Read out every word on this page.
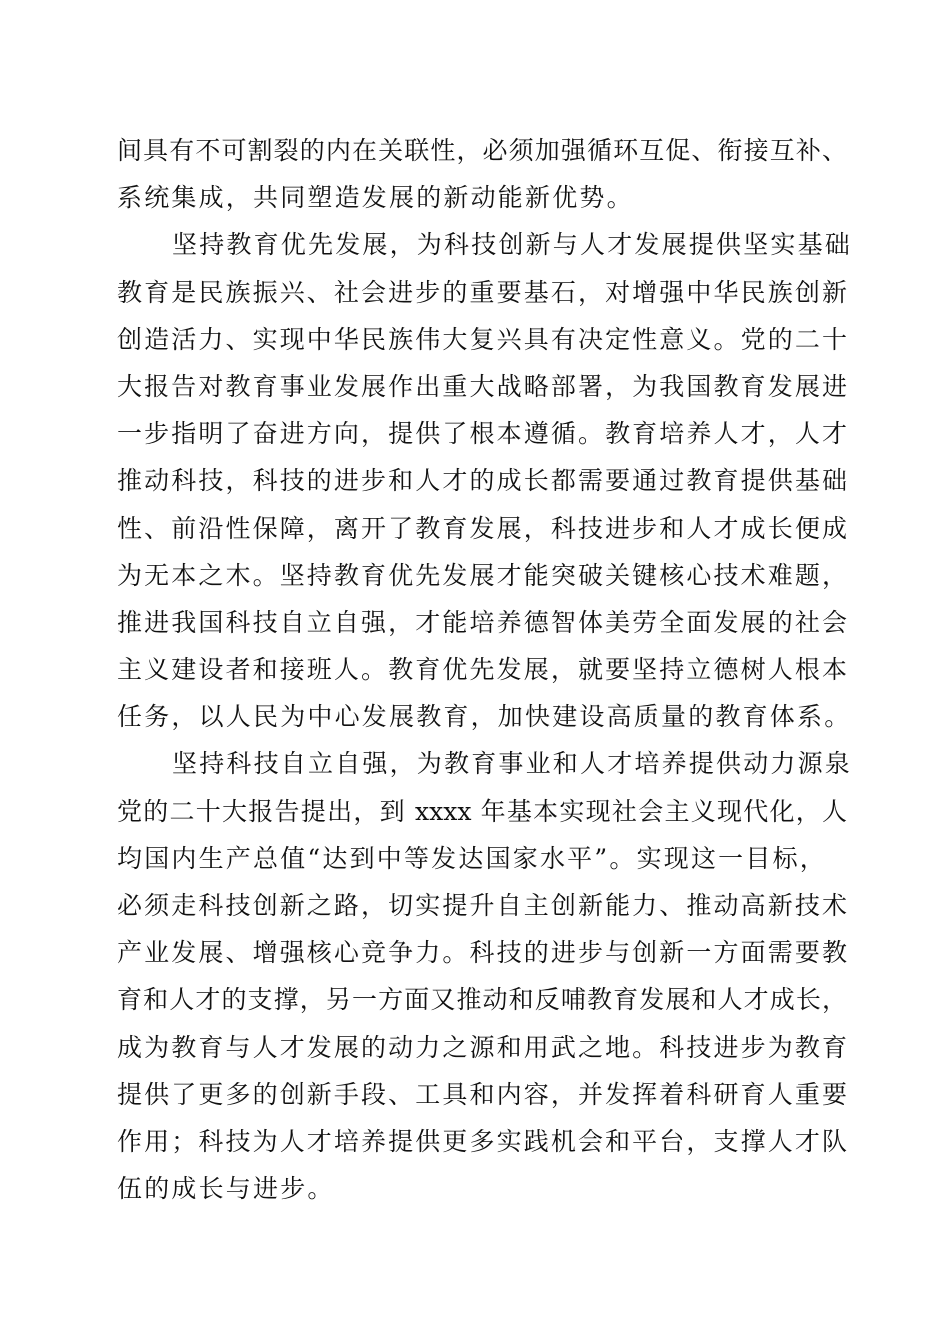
间具有不可割裂的内在关联性，必须加强循环互促、衔接互补、
系统集成，共同塑造发展的新动能新优势。
坚持教育优先发展，为科技创新与人才发展提供坚实基础
教育是民族振兴、社会进步的重要基石，对增强中华民族创新
创造活力、实现中华民族伟大复兴具有决定性意义。党的二十
大报告对教育事业发展作出重大战略部署，为我国教育发展进
一步指明了奋进方向，提供了根本遵循。教育培养人才，人才
推动科技，科技的进步和人才的成长都需要通过教育提供基础
性、前沿性保障，离开了教育发展，科技进步和人才成长便成
为无本之木。坚持教育优先发展才能突破关键核心技术难题，
推进我国科技自立自强，才能培养德智体美劳全面发展的社会
主义建设者和接班人。教育优先发展，就要坚持立德树人根本
任务，以人民为中心发展教育，加快建设高质量的教育体系。
坚持科技自立自强，为教育事业和人才培养提供动力源泉
党的二十大报告提出，到 xxxx 年基本实现社会主义现代化，人
均国内生产总值“达到中等发达国家水平”。实现这一目标，
必须走科技创新之路，切实提升自主创新能力、推动高新技术
产业发展、增强核心竞争力。科技的进步与创新一方面需要教
育和人才的支撑，另一方面又推动和反哺教育发展和人才成长，
成为教育与人才发展的动力之源和用武之地。科技进步为教育
提供了更多的创新手段、工具和内容，并发挥着科研育人重要
作用；科技为人才培养提供更多实践机会和平台，支撑人才队
伍的成长与进步。
